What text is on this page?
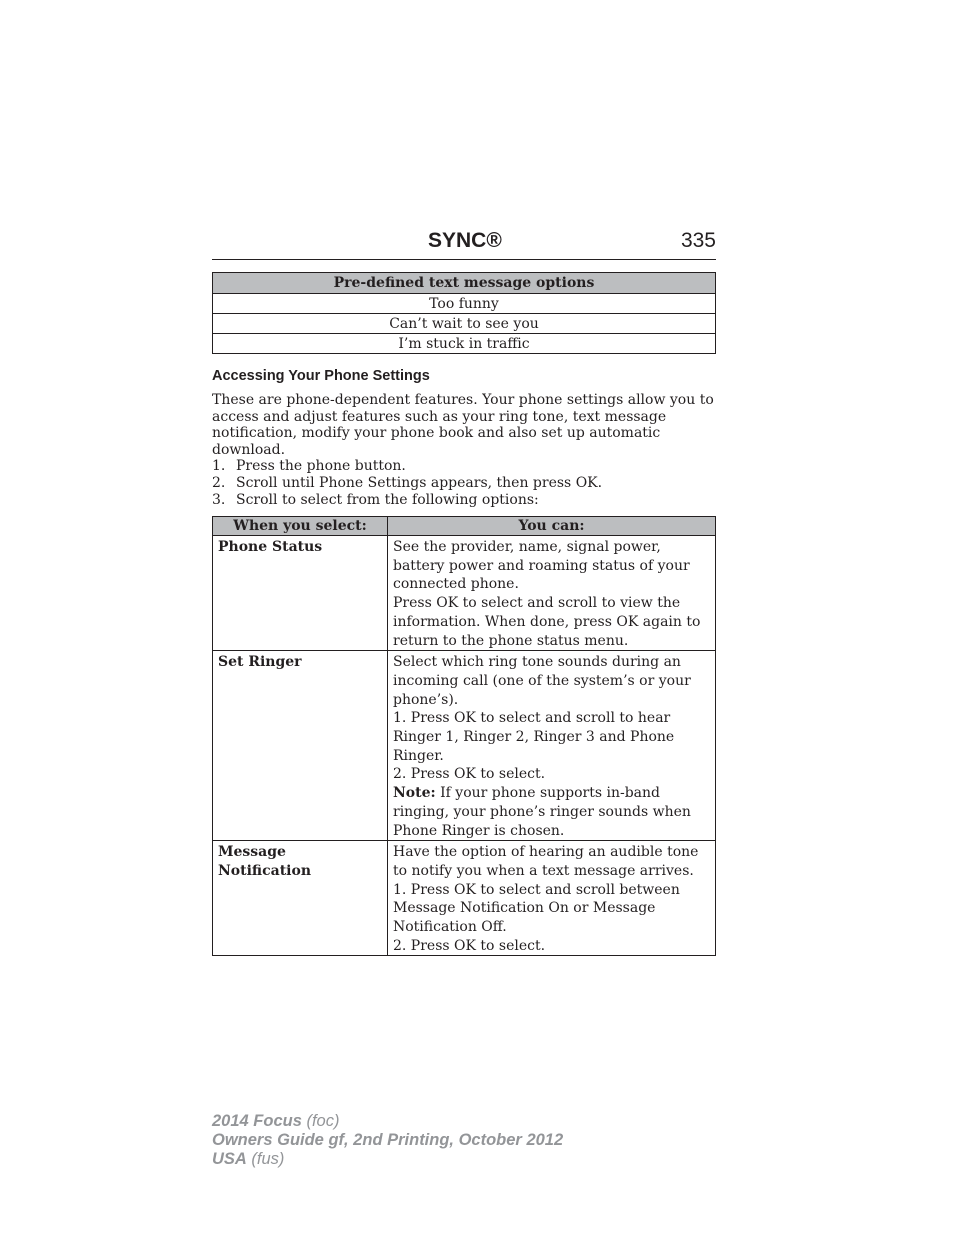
SYNC®	335
Pre-defined text message options
Too funny
Can’t wait to see you
I’m stuck in traffic
Accessing Your Phone Settings

These are phone-dependent features. Your phone settings allow you to access and adjust features such as your ring tone, text message notification, modify your phone book and also set up automatic download.

1. Press the phone button.
2. Scroll until Phone Settings appears, then press OK.
3. Scroll to select from the following options:
When you select:	You can:
Phone Status	See the provider, name, signal power, battery power and roaming status of your connected phone.

Press OK to select and scroll to view the information. When done, press OK again to return to the phone status menu.

Set Ringer	Select which ring tone sounds during an incoming call (one of the system’s or your phone’s).

1. Press OK to select and scroll to hear Ringer 1, Ringer 2, Ringer 3 and Phone Ringer.

2. Press OK to select.

Note: If your phone supports in-band ringing, your phone’s ringer sounds when Phone Ringer is chosen.

Message Notification	Have the option of hearing an audible tone to notify you when a text message arrives.

1. Press OK to select and scroll between Message Notification On or Message Notification Off.

2. Press OK to select.

2014 Focus (foc)
Owners Guide gf, 2nd Printing, October 2012
USA (fus)
